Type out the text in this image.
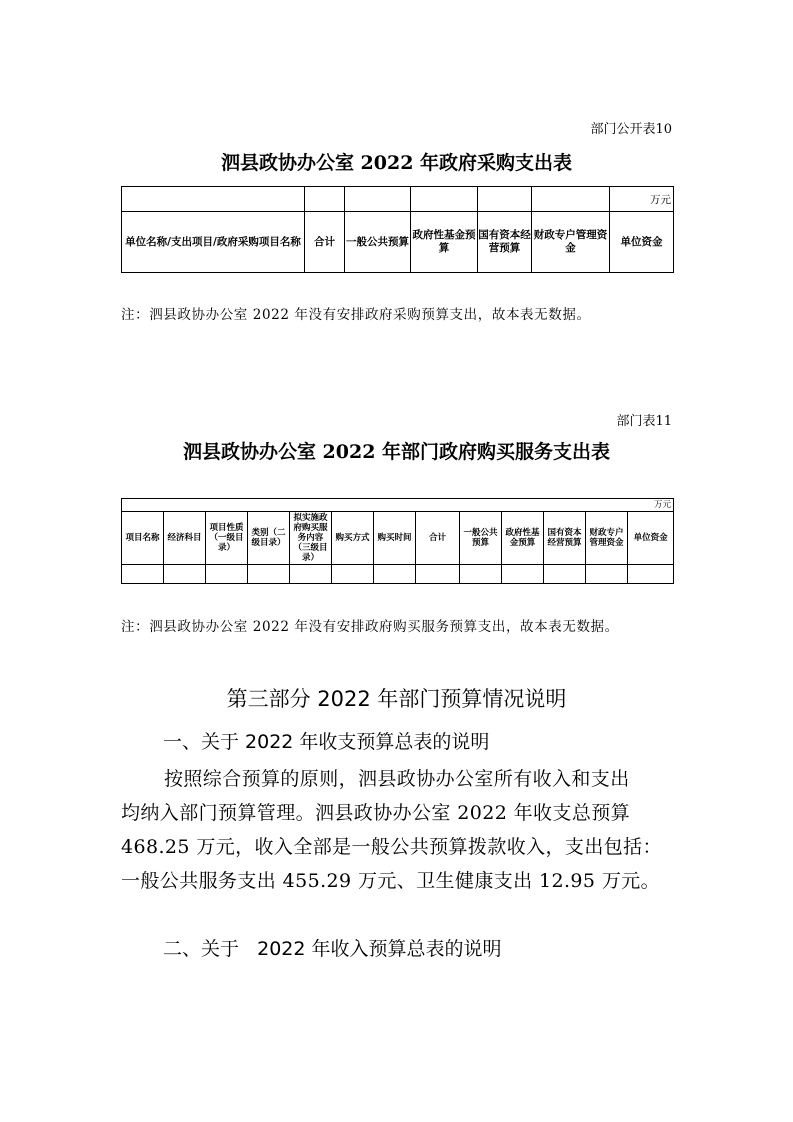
部门公开表10
泗县政协办公室 2022 年政府采购支出表
						万元
单位名称/支出项目/政府采购项目名称	合计	一般公共预算	政府性基金预算	国有资本经营预算	财政专户管理资金	单位资金
注：泗县政协办公室 2022 年没有安排政府采购预算支出，故本表无数据。
部门表11
泗县政协办公室 2022 年部门政府购买服务支出表
												万元
项目名称	经济科目	项目性质（一级目录）	类别（二级目录）	拟实施政府购买服务内容（三级目录）	购买方式	购买时间	合计	一般公共预算	政府性基金预算	国有资本经营预算	财政专户管理资金	单位资金

注：泗县政协办公室 2022 年没有安排政府购买服务预算支出，故本表无数据。
第三部分 2022 年部门预算情况说明
一、关于 2022 年收支预算总表的说明
按照综合预算的原则，泗县政协办公室所有收入和支出
均纳入部门预算管理。泗县政协办公室 2022 年收支总预算
468.25 万元，收入全部是一般公共预算拨款收入，支出包括：
一般公共服务支出 455.29 万元、卫生健康支出 12.95 万元。
二、关于   2022 年收入预算总表的说明
